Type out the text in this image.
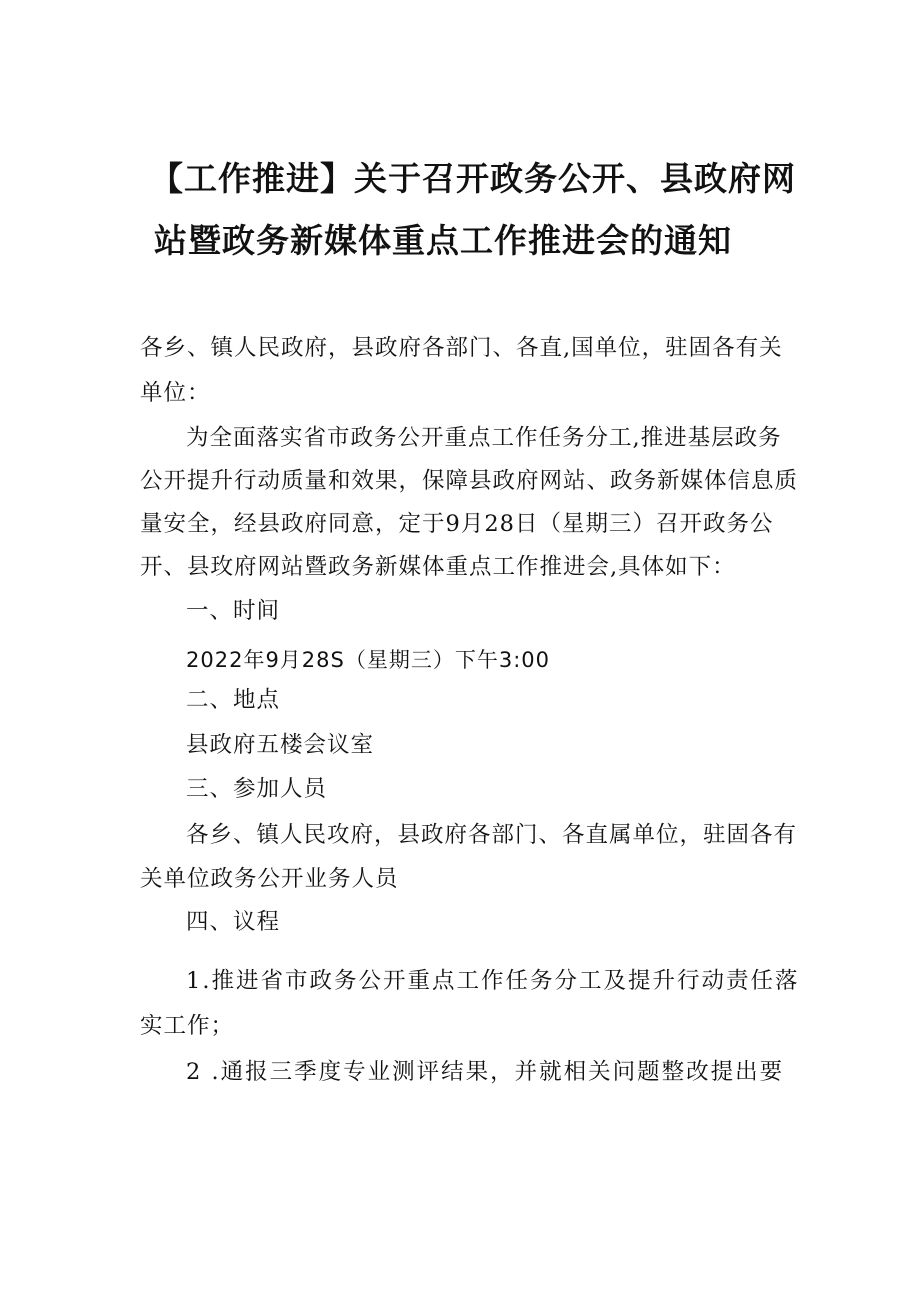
【工作推进】关于召开政务公开、县政府网
站暨政务新媒体重点工作推进会的通知
各乡、镇人民政府，县政府各部门、各直,国单位，驻固各有关
单位：
为全面落实省市政务公开重点工作任务分工,推进基层政务
公开提升行动质量和效果，保障县政府网站、政务新媒体信息质
量安全，经县政府同意，定于9月28日（星期三）召开政务公
开、县玫府网站暨政务新媒体重点工作推进会,具体如下：
一、时间
2022年9月28S（星期三）下午3:00
二、地点
县政府五楼会议室
三、参加人员
各乡、镇人民攻府，县政府各部门、各直属单位，驻固各有
关单位政务公开业务人员
四、议程
1.推进省市政务公开重点工作任务分工及提升行动责任落
实工作；
2 .通报三季度专业测评结果，并就相关问题整改提出要
